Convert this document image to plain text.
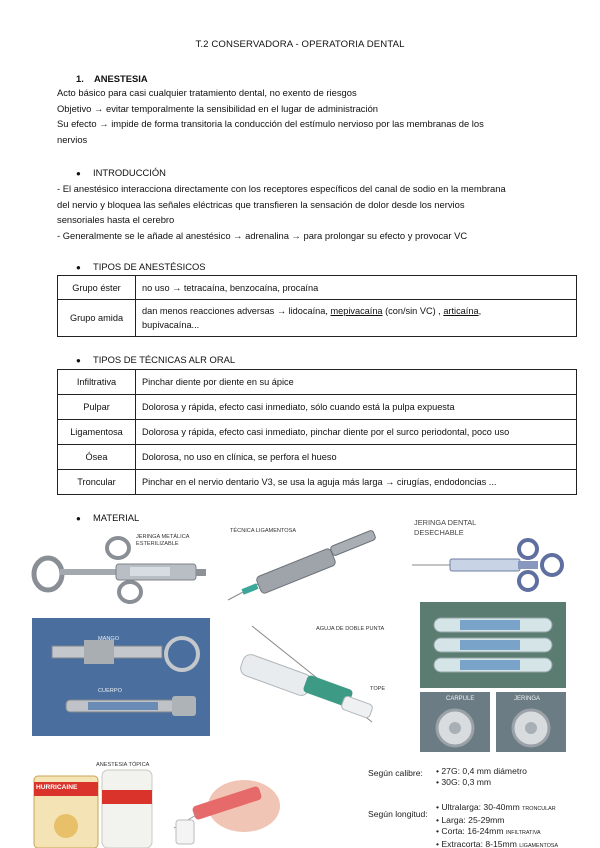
T.2 CONSERVADORA - OPERATORIA DENTAL
1. ANESTESIA
Acto básico para casi cualquier tratamiento dental, no exento de riesgos
Objetivo → evitar temporalmente la sensibilidad en el lugar de administración
Su efecto → impide de forma transitoria la conducción del estímulo nervioso por las membranas de los
nervios
● INTRODUCCIÓN
- El anestésico interacciona directamente con los receptores específicos del canal de sodio en la membrana
del nervio y bloquea las señales eléctricas que transfieren la sensación de dolor desde los nervios
sensoriales hasta el cerebro
- Generalmente se le añade al anestésico → adrenalina → para prolongar su efecto y provocar VC
● TIPOS DE ANESTÉSICOS
Grupo éster	no uso → tetracaína, benzocaína, procaína
Grupo amida	dan menos reacciones adversas → lidocaína, mepivacaína (con/sin VC) , articaína,
bupivacaína...
● TIPOS DE TÉCNICAS ALR ORAL
Infiltrativa	Pinchar diente por diente en su ápice
Pulpar	Dolorosa y rápida, efecto casi inmediato, sólo cuando está la pulpa expuesta
Ligamentosa	Dolorosa y rápida, efecto casi inmediato, pinchar diente por el surco periodontal, poco uso
Ósea	Dolorosa, no uso en clínica, se perfora el hueso
Troncular	Pinchar en el nervio dentario V3, se usa la aguja más larga → cirugías, endodoncias ...
● MATERIAL
JERINGA METÁLICA ESTERILIZABLE
TÉCNICA LIGAMENTOSA
JERINGA DENTAL
DESECHABLE
MANGO
CUERPO
AGUJA DE DOBLE PUNTA
TOPE
CARPULE	JERINGA
HURRICAINE
ANESTESIA TÓPICA
Según calibre:	• 27G: 0,4 mm diámetro
• 30G: 0,3 mm
Según longitud:
• Ultralarga: 30-40mm TRONCULAR
• Larga: 25-29mm
• Corta: 16-24mm INFILTRATIVA
• Extracorta: 8-15mm LIGAMENTOSA
